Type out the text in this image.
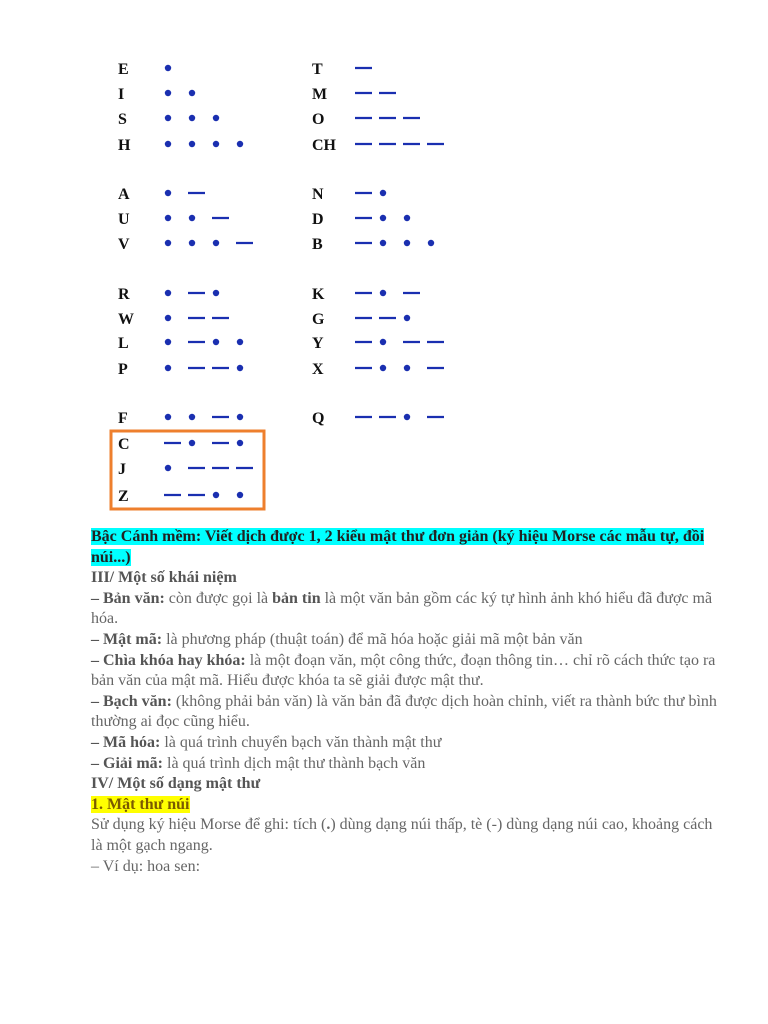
E
I
S
H
A
U
V
R
W
L
P
F
C
J
Z
T
M
O
CH
N
D
B
K
G
Y
X
Q

Bậc Cánh mềm: Viết dịch được 1, 2 kiểu mật thư đơn giản (ký hiệu Morse các mẫu tự, đồi núi...)

III/ Một số khái niệm

– Bản văn: còn được gọi là bản tin là một văn bản gồm các ký tự hình ảnh khó hiểu đã được mã hóa.

– Mật mã: là phương pháp (thuật toán) để mã hóa hoặc giải mã một bản văn

– Chìa khóa hay khóa: là một đoạn văn, một công thức, đoạn thông tin… chỉ rõ cách thức tạo ra bản văn của mật mã. Hiểu được khóa ta sẽ giải được mật thư.

– Bạch văn: (không phải bản văn) là văn bản đã được dịch hoàn chỉnh, viết ra thành bức thư bình thường ai đọc cũng hiểu.

– Mã hóa: là quá trình chuyển bạch văn thành mật thư

– Giải mã: là quá trình dịch mật thư thành bạch văn

IV/ Một số dạng mật thư

1. Mật thư núi

Sử dụng ký hiệu Morse để ghi: tích (.) dùng dạng núi thấp, tè (-) dùng dạng núi cao, khoảng cách là một gạch ngang.

– Ví dụ: hoa sen:
